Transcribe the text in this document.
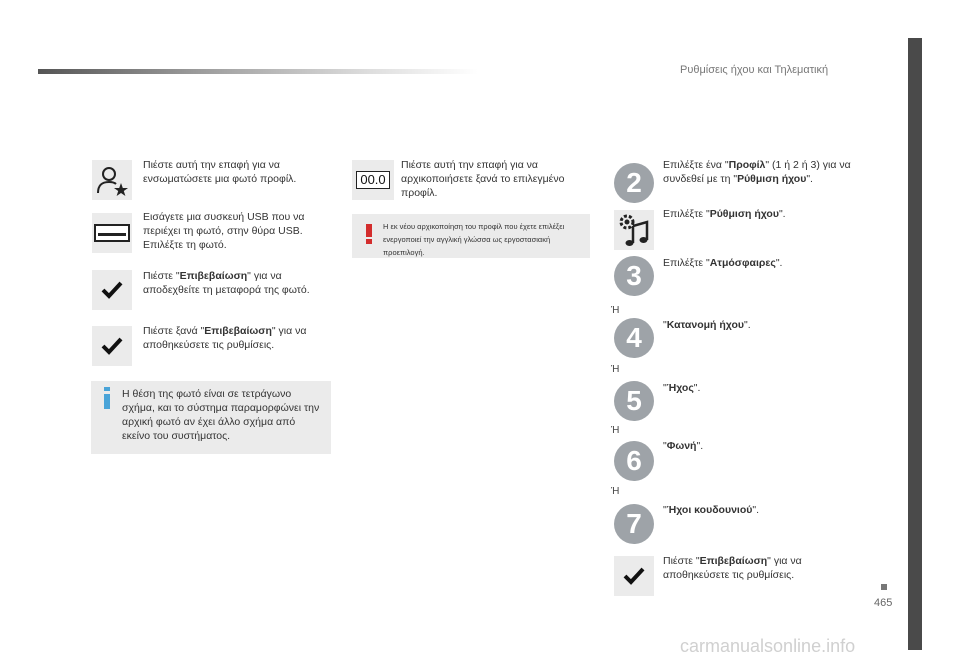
Ρυθμίσεις ήχου και Τηλεματική
465
Πιέστε αυτή την επαφή για να ενσωματώσετε μια φωτό προφίλ.
Εισάγετε μια συσκευή USB που να περιέχει τη φωτό, στην θύρα USB. Επιλέξτε τη φωτό.
Πιέστε "Επιβεβαίωση" για να αποδεχθείτε τη μεταφορά της φωτό.
Πιέστε ξανά "Επιβεβαίωση" για να αποθηκεύσετε τις ρυθμίσεις.
Η θέση της φωτό είναι σε τετράγωνο σχήμα, και το σύστημα παραμορφώνει την αρχική φωτό αν έχει άλλο σχήμα από εκείνο του συστήματος.
00.0
Πιέστε αυτή την επαφή για να αρχικοποιήσετε ξανά το επιλεγμένο προφίλ.
Η εκ νέου αρχικοποίηση του προφίλ που έχετε επιλέξει ενεργοποιεί την αγγλική γλώσσα ως εργοστασιακή προεπιλογή.
2
Επιλέξτε ένα "Προφίλ" (1 ή 2 ή 3) για να συνδεθεί με τη "Ρύθμιση ήχου".
Επιλέξτε "Ρύθμιση ήχου".
3	Επιλέξτε "Ατμόσφαιρες".
Ή
4	"Κατανομή ήχου".
Ή
5	"Ήχος".
Ή
6	"Φωνή".
Ή
7	"Ήχοι κουδουνιού".
Πιέστε "Επιβεβαίωση" για να αποθηκεύσετε τις ρυθμίσεις.
carmanualsonline.info
